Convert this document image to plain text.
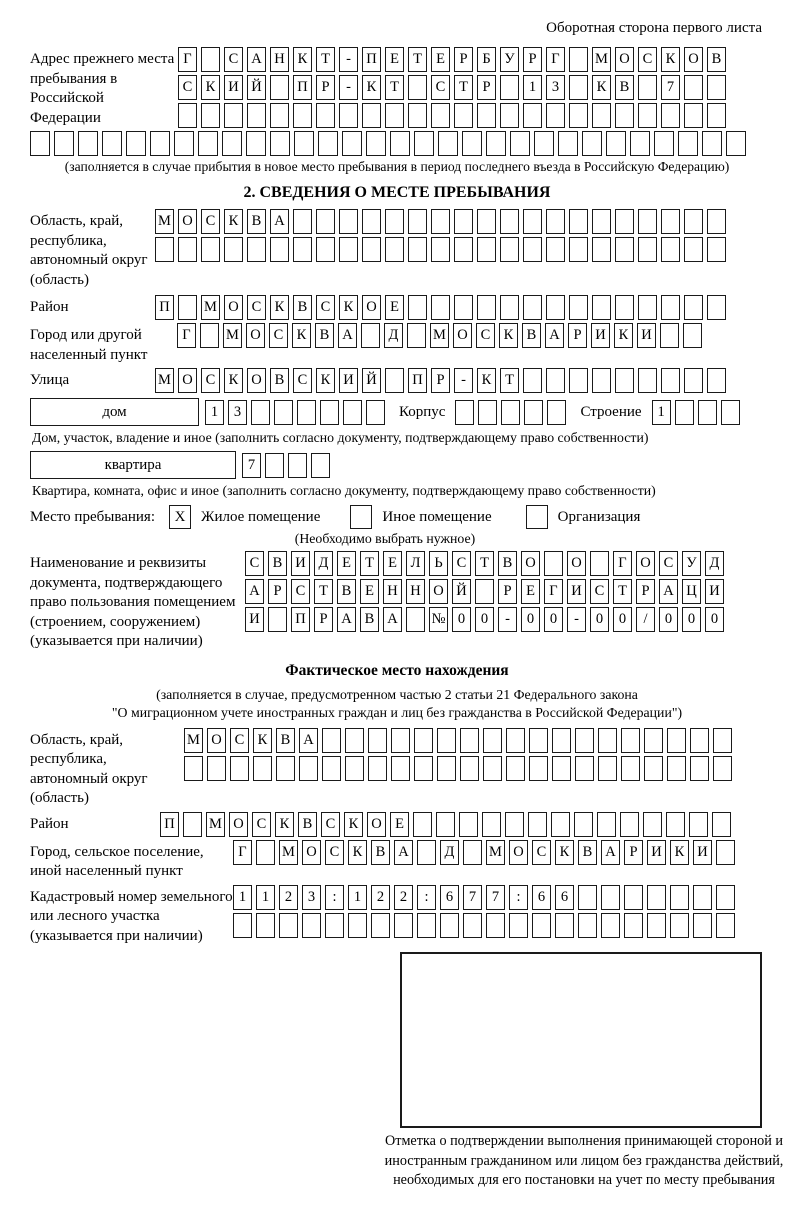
Оборотная сторона первого листа
Адрес прежнего места пребывания в Российской Федерации
Г	С А Н К Т	-	П Е Т Е	Р	Б У Р	Г	М О С К О В
С К И Й П Р	-	К Т	С Т	Р	1	3	К В	7
(заполняется в случае прибытия в новое место пребывания в период последнего въезда в Российскую Федерацию)
2. СВЕДЕНИЯ О МЕСТЕ ПРЕБЫВАНИЯ
Область, край, республика, автономный округ (область)
М О С К В А
Район	П М О С К В С К О Е
Город или другой населенный пункт
Г	М О С К В А	Д	М О С К В А Р И К И
Улица	М О С К О В С К И Й П Р	-	К Т
дом	1	3	Корпус	Строение	1
Дом, участок, владение и иное (заполнить согласно документу, подтверждающему право собственности)
квартира	7
Квартира, комната, офис и иное (заполнить согласно документу, подтверждающему право собственности)
Место пребывания:	X	Жилое помещение	Иное помещение	Организация
(Необходимо выбрать нужное)
Наименование и реквизиты документа, подтверждающего право пользования помещением (строением, сооружением) (указывается при наличии)
С В И Д Е Т Е Л Ь С Т В О О	Г О С У Д
А Р С Т В Е Н Н О Й	Р	Е Г И С Т	Р А Ц И
И П Р А В А № 0	0	-	0	0	-	0	0	/	0	0	0
Фактическое место нахождения
(заполняется в случае, предусмотренном частью 2 статьи 21 Федерального закона
"О миграционном учете иностранных граждан и лиц без гражданства в Российской Федерации")
Область, край, республика, автономный округ (область)
М О С К В А
Район	П М О С К В С К О Е
Город, сельское поселение, иной населенный пункт
Г	М О С К В А	Д	М О С К В А Р И К И
Кадастровый номер земельного или лесного участка (указывается при наличии)
1	1	2	3	:	1	2	2	:	6	7	7	:	6	6
Отметка о подтверждении выполнения принимающей стороной и иностранным гражданином или лицом без гражданства действий, необходимых для его постановки на учет по месту пребывания
